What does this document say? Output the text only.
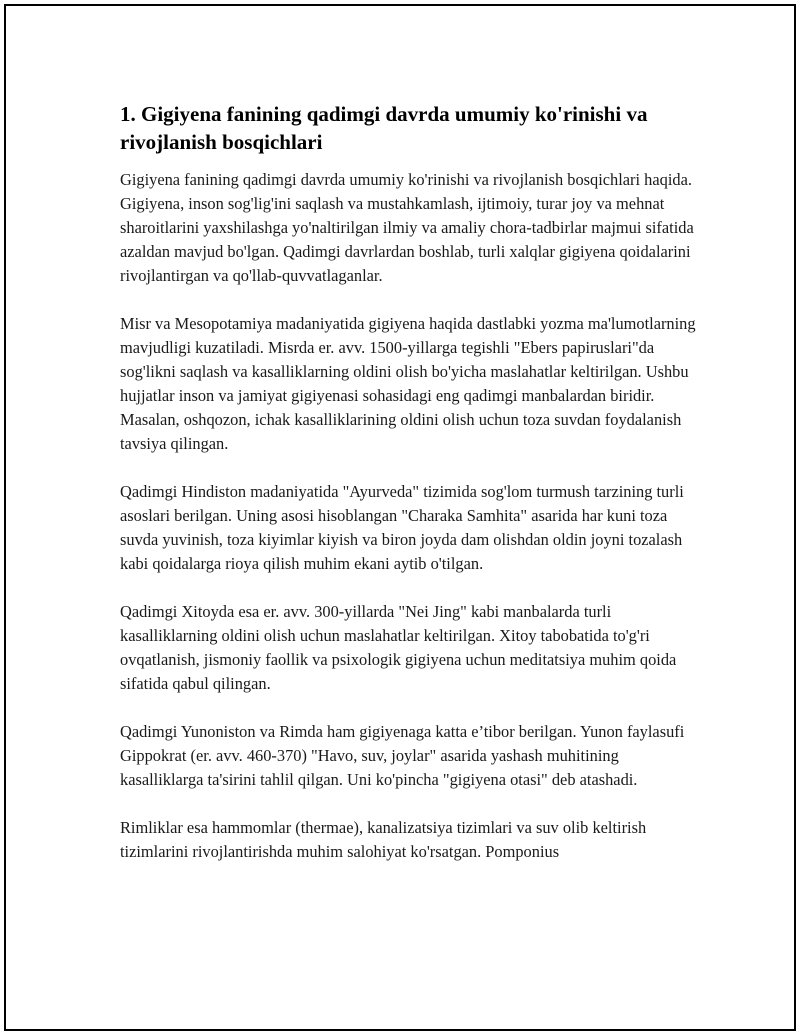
1. Gigiyena fanining qadimgi davrda umumiy ko'rinishi va rivojlanish bosqichlari

Gigiyena fanining qadimgi davrda umumiy ko'rinishi va rivojlanish bosqichlari haqida. Gigiyena, inson sog'lig'ini saqlash va mustahkamlash, ijtimoiy, turar joy va mehnat sharoitlarini yaxshilashga yo'naltirilgan ilmiy va amaliy chora-tadbirlar majmui sifatida azaldan mavjud bo'lgan. Qadimgi davrlardan boshlab, turli xalqlar gigiyena qoidalarini rivojlantirgan va qo'llab-quvvatlaganlar.

Misr va Mesopotamiya madaniyatida gigiyena haqida dastlabki yozma ma'lumotlarning mavjudligi kuzatiladi. Misrda er. avv. 1500-yillarga tegishli "Ebers papiruslari"da sog'likni saqlash va kasalliklarning oldini olish bo'yicha maslahatlar keltirilgan. Ushbu hujjatlar inson va jamiyat gigiyenasi sohasidagi eng qadimgi manbalardan biridir. Masalan, oshqozon, ichak kasalliklarining oldini olish uchun toza suvdan foydalanish tavsiya qilingan.

Qadimgi Hindiston madaniyatida "Ayurveda" tizimida sog'lom turmush tarzining turli asoslari berilgan. Uning asosi hisoblangan "Charaka Samhita" asarida har kuni toza suvda yuvinish, toza kiyimlar kiyish va biron joyda dam olishdan oldin joyni tozalash kabi qoidalarga rioya qilish muhim ekani aytib o'tilgan.

Qadimgi Xitoyda esa er. avv. 300-yillarda "Nei Jing" kabi manbalarda turli kasalliklarning oldini olish uchun maslahatlar keltirilgan. Xitoy tabobatida to'g'ri ovqatlanish, jismoniy faollik va psixologik gigiyena uchun meditatsiya muhim qoida sifatida qabul qilingan.

Qadimgi Yunoniston va Rimda ham gigiyenaga katta e’tibor berilgan. Yunon faylasufi Gippokrat (er. avv. 460-370) "Havo, suv, joylar" asarida yashash muhitining kasalliklarga ta'sirini tahlil qilgan. Uni ko'pincha "gigiyena otasi" deb atashadi.

Rimliklar esa hammomlar (thermae), kanalizatsiya tizimlari va suv olib keltirish tizimlarini rivojlantirishda muhim salohiyat ko'rsatgan. Pomponius
